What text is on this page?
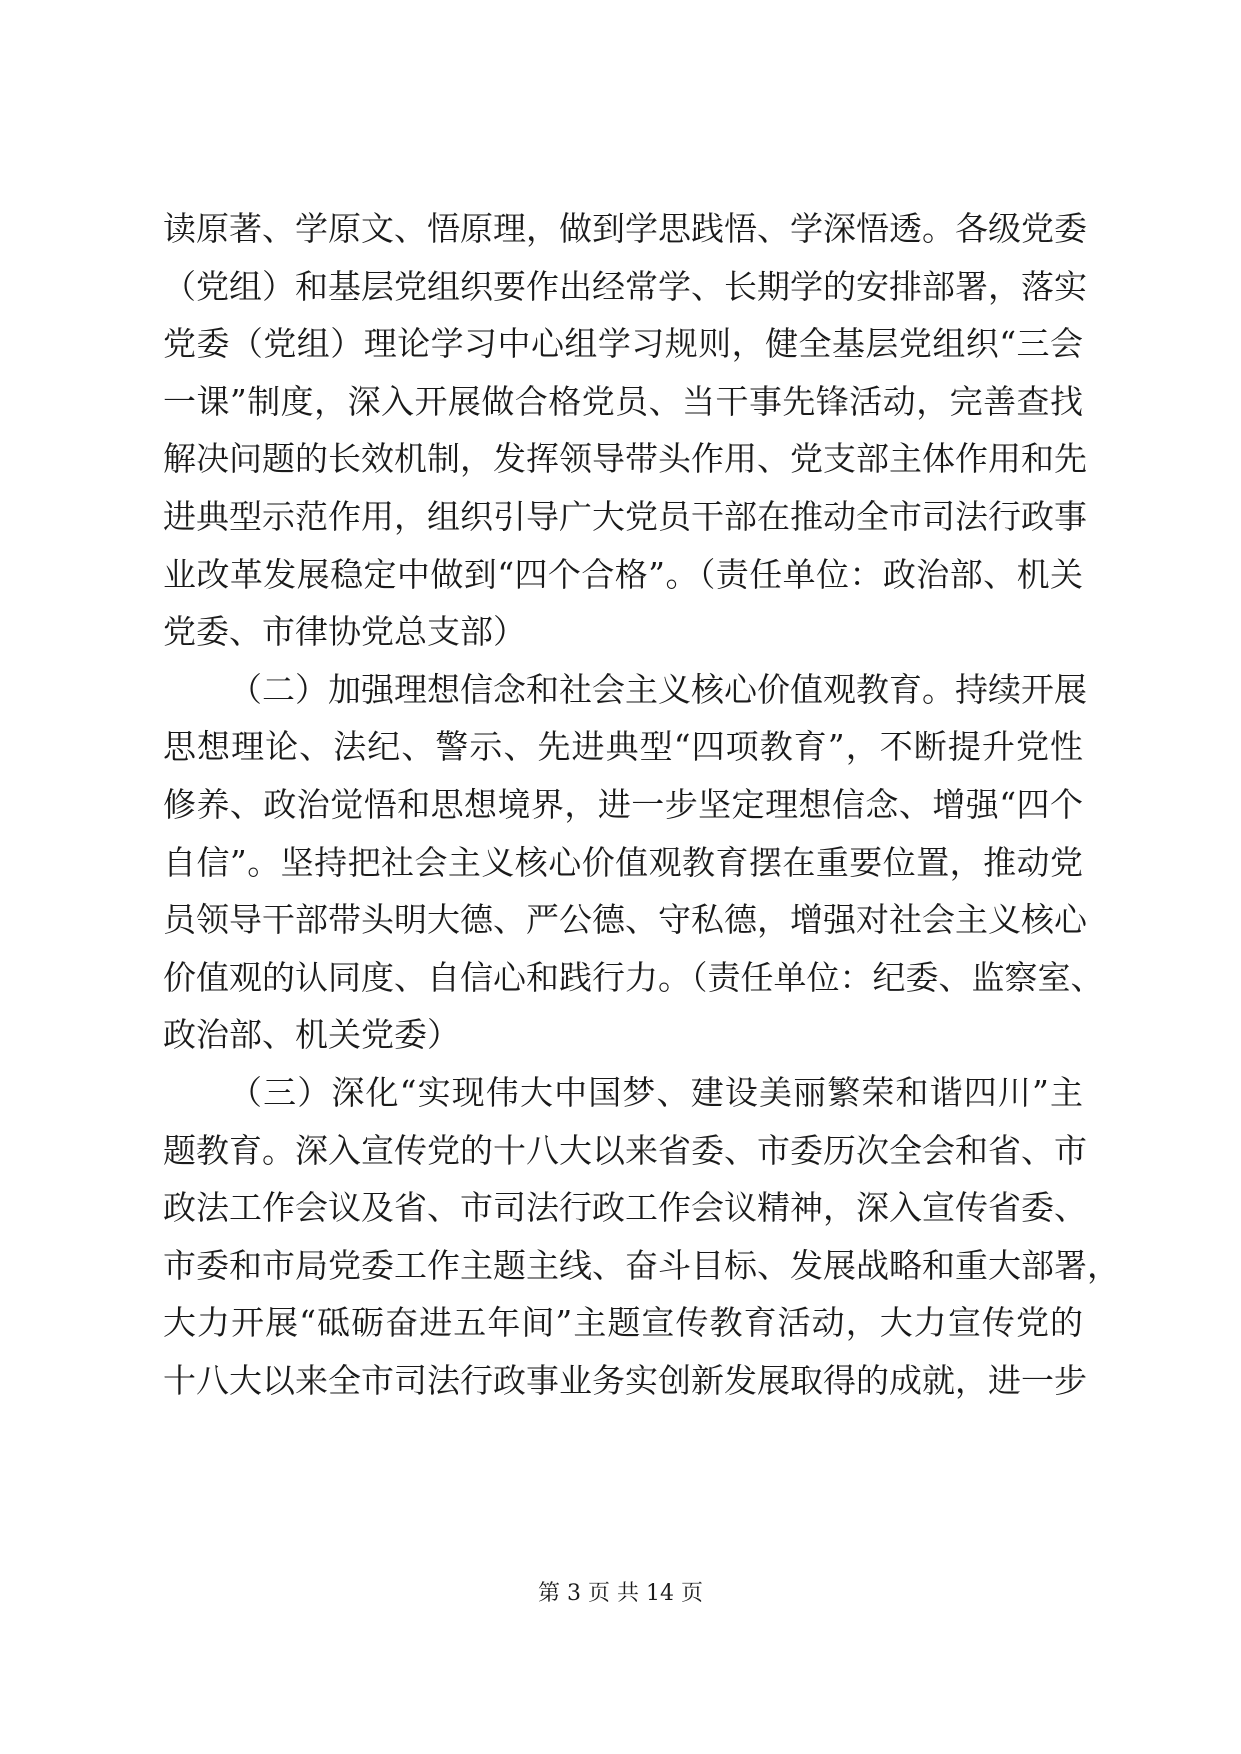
读原著、学原文、悟原理，做到学思践悟、学深悟透。各级党委
（党组）和基层党组织要作出经常学、长期学的安排部署，落实
党委（党组）理论学习中心组学习规则，健全基层党组织“三会
一课”制度，深入开展做合格党员、当干事先锋活动，完善查找
解决问题的长效机制，发挥领导带头作用、党支部主体作用和先
进典型示范作用，组织引导广大党员干部在推动全市司法行政事
业改革发展稳定中做到“四个合格”。（责任单位：政治部、机关
党委、市律协党总支部）
（二）加强理想信念和社会主义核心价值观教育。持续开展
思想理论、法纪、警示、先进典型“四项教育”，不断提升党性
修养、政治觉悟和思想境界，进一步坚定理想信念、增强“四个
自信”。坚持把社会主义核心价值观教育摆在重要位置，推动党
员领导干部带头明大德、严公德、守私德，增强对社会主义核心
价值观的认同度、自信心和践行力。（责任单位：纪委、监察室、
政治部、机关党委）
（三）深化“实现伟大中国梦、建设美丽繁荣和谐四川”主
题教育。深入宣传党的十八大以来省委、市委历次全会和省、市
政法工作会议及省、市司法行政工作会议精神，深入宣传省委、
市委和市局党委工作主题主线、奋斗目标、发展战略和重大部署，
大力开展“砥砺奋进五年间”主题宣传教育活动，大力宣传党的
十八大以来全市司法行政事业务实创新发展取得的成就，进一步
第 3 页 共 14 页
